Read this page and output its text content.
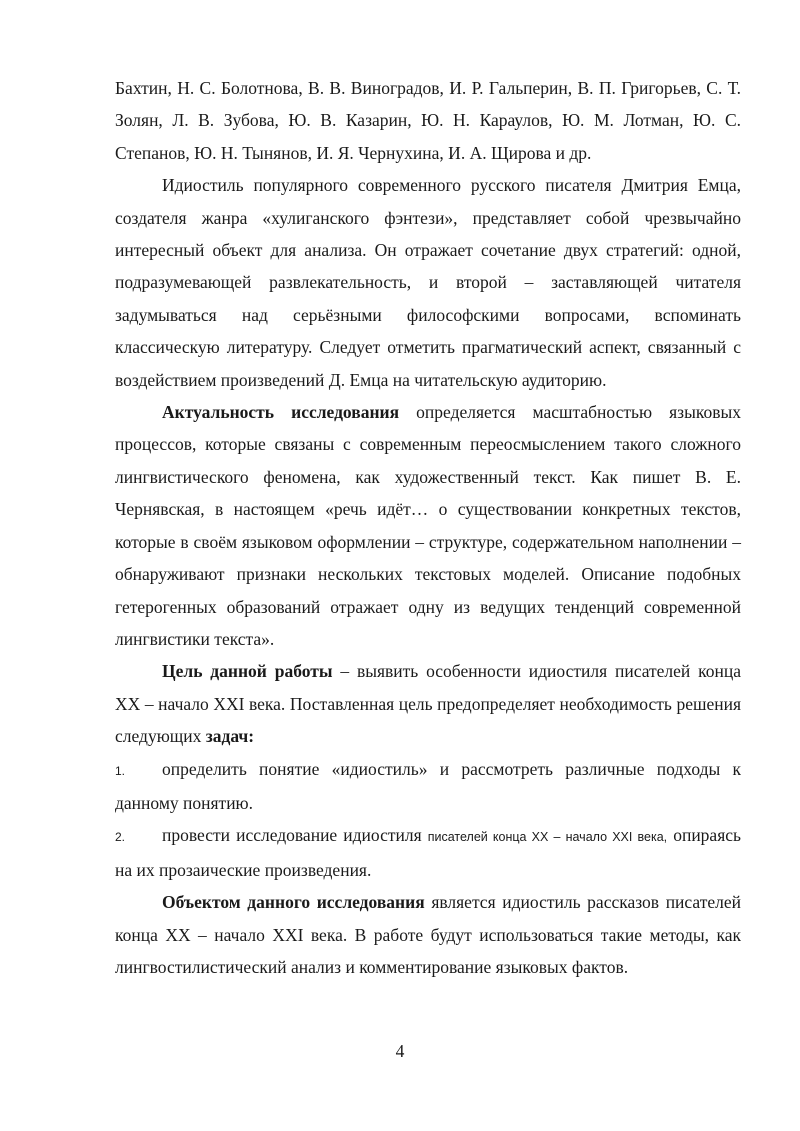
Бахтин, Н. С. Болотнова, В. В. Виноградов, И. Р. Гальперин, В. П. Григорьев, С. Т. Золян, Л. В. Зубова, Ю. В. Казарин, Ю. Н. Караулов, Ю. М. Лотман, Ю. С. Степанов, Ю. Н. Тынянов, И. Я. Чернухина, И. А. Щирова и др.

Идиостиль популярного современного русского писателя Дмитрия Емца, создателя жанра «хулиганского фэнтези», представляет собой чрезвычайно интересный объект для анализа. Он отражает сочетание двух стратегий: одной, подразумевающей развлекательность, и второй – заставляющей читателя задумываться над серьёзными философскими вопросами, вспоминать классическую литературу. Следует отметить прагматический аспект, связанный с воздействием произведений Д. Емца на читательскую аудиторию.

Актуальность исследования определяется масштабностью языковых процессов, которые связаны с современным переосмыслением такого сложного лингвистического феномена, как художественный текст. Как пишет В. Е. Чернявская, в настоящем «речь идёт… о существовании конкретных текстов, которые в своём языковом оформлении – структуре, содержательном наполнении – обнаруживают признаки нескольких текстовых моделей. Описание подобных гетерогенных образований отражает одну из ведущих тенденций современной лингвистики текста».

Цель данной работы – выявить особенности идиостиля писателей конца XX – начало XXI века. Поставленная цель предопределяет необходимость решения следующих задач:

1. определить понятие «идиостиль» и рассмотреть различные подходы к данному понятию.

2. провести исследование идиостиля писателей конца XX – начало XXI века, опираясь на их прозаические произведения.

Объектом данного исследования является идиостиль рассказов писателей конца XX – начало XXI века. В работе будут использоваться такие методы, как лингвостилистический анализ и комментирование языковых фактов.

4
